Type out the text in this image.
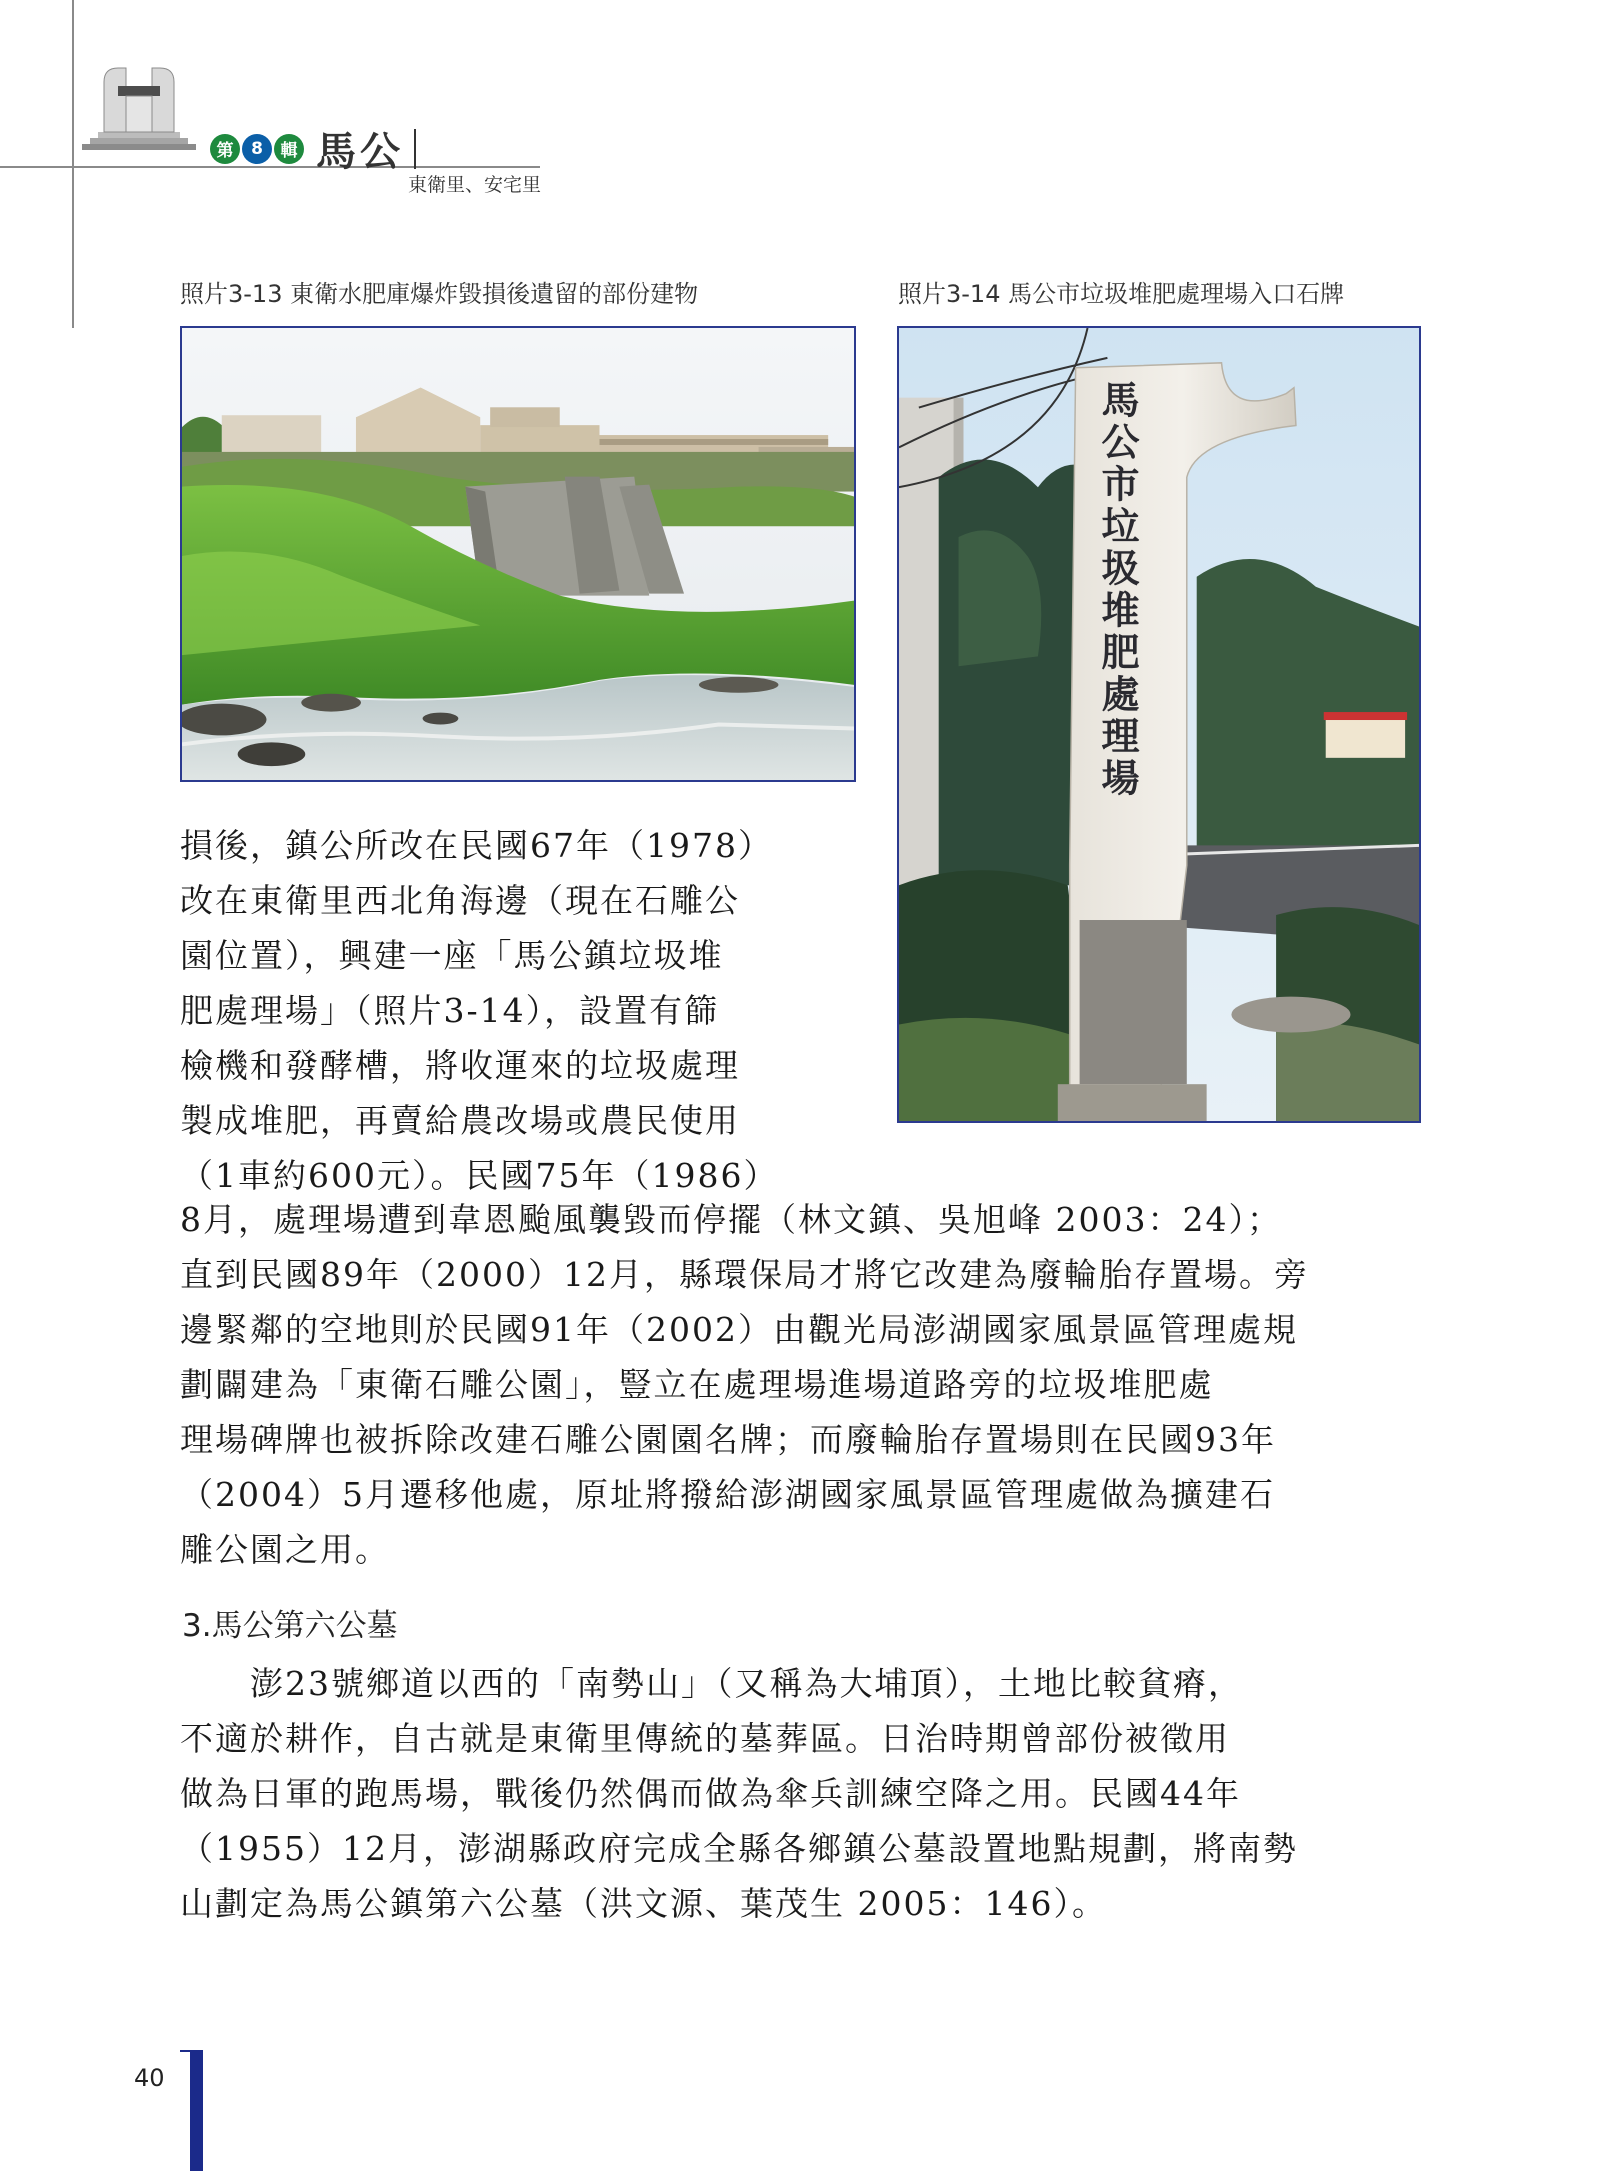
第	8	輯 馬公
東衛里、安宅里
照片3-13 東衛水肥庫爆炸毀損後遺留的部份建物	照片3-14 馬公市垃圾堆肥處理場入口石牌
馬公市垃圾堆肥處理場
損後，鎮公所改在民國67年（1978）
改在東衛里西北角海邊（現在石雕公
園位置），興建一座「馬公鎮垃圾堆
肥處理場」（照片3-14），設置有篩
檢機和發酵槽，將收運來的垃圾處理
製成堆肥，再賣給農改場或農民使用
（1車約600元）。民國75年（1986）
8月，處理場遭到韋恩颱風襲毀而停擺（林文鎮、吳旭峰 2003：24）；
直到民國89年（2000）12月，縣環保局才將它改建為廢輪胎存置場。旁
邊緊鄰的空地則於民國91年（2002）由觀光局澎湖國家風景區管理處規
劃闢建為「東衛石雕公園」，豎立在處理場進場道路旁的垃圾堆肥處
理場碑牌也被拆除改建石雕公園園名牌；而廢輪胎存置場則在民國93年
（2004）5月遷移他處，原址將撥給澎湖國家風景區管理處做為擴建石
雕公園之用。
3.馬公第六公墓
　　澎23號鄉道以西的「南勢山」（又稱為大埔頂），土地比較貧瘠，
不適於耕作，自古就是東衛里傳統的墓葬區。日治時期曾部份被徵用
做為日軍的跑馬場，戰後仍然偶而做為傘兵訓練空降之用。民國44年
（1955）12月，澎湖縣政府完成全縣各鄉鎮公墓設置地點規劃，將南勢
山劃定為馬公鎮第六公墓（洪文源、葉茂生 2005：146）。
40
